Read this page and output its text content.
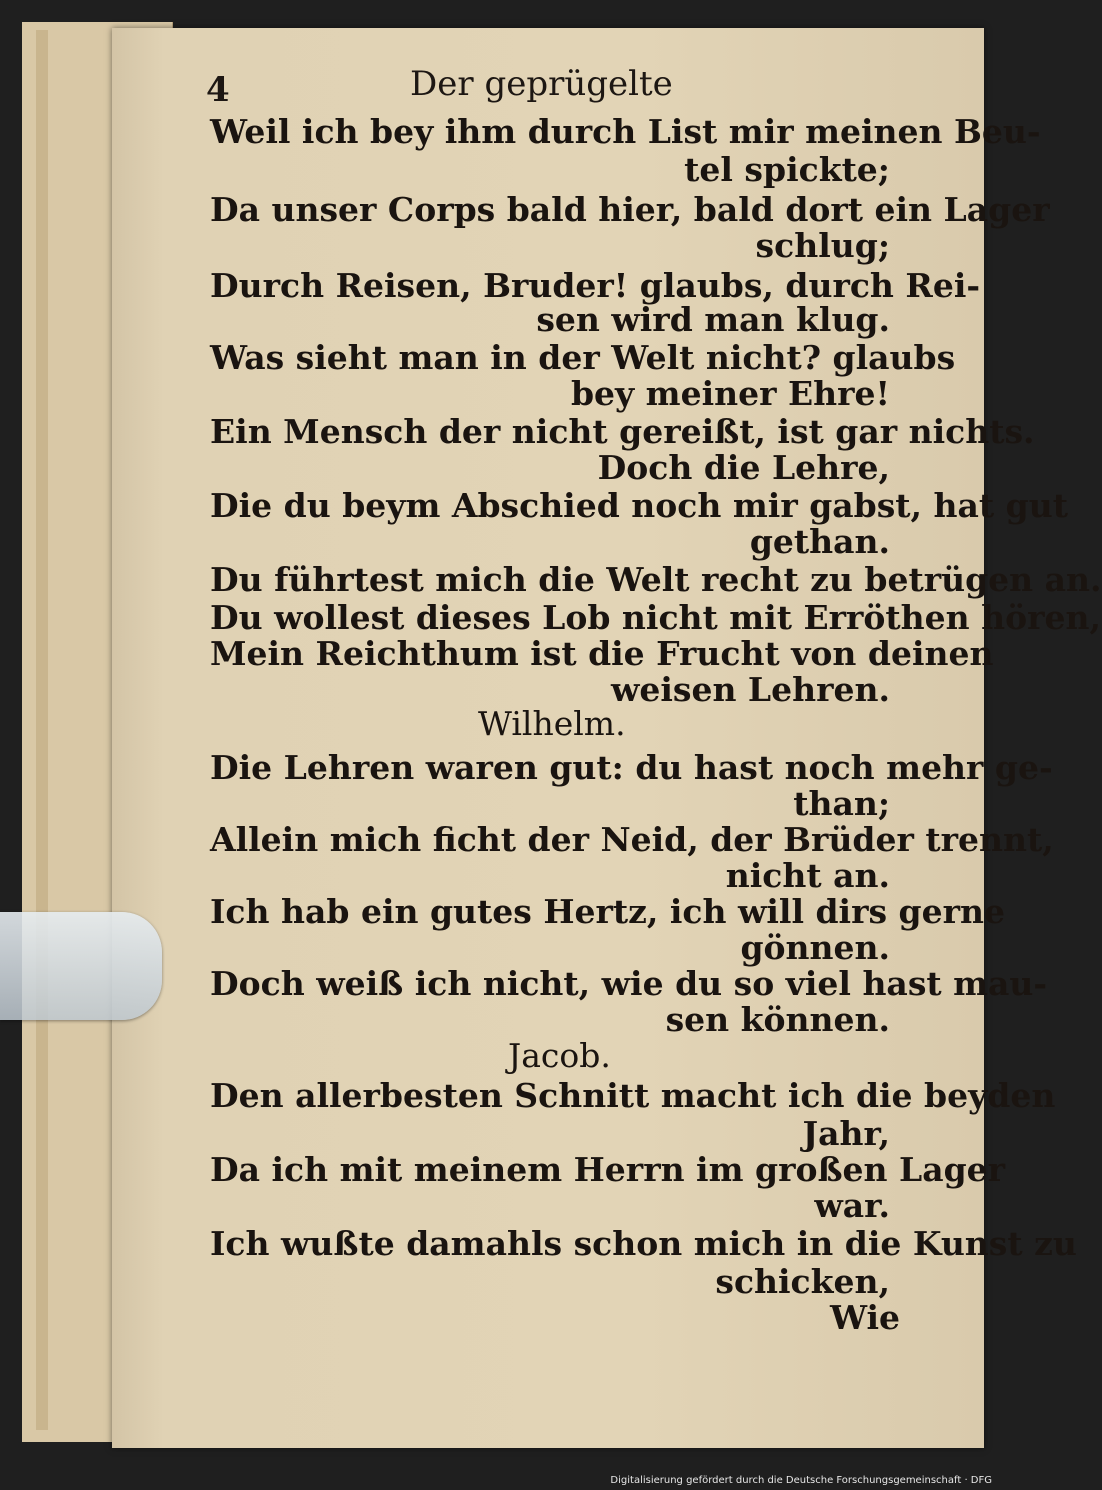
4	Der geprügelte
Weil ich bey ihm durch List mir meinen Beu-
tel spickte;
Da unser Corps bald hier, bald dort ein Lager
schlug;
Durch Reisen, Bruder! glaubs, durch Rei-
sen wird man klug.
Was sieht man in der Welt nicht? glaubs
bey meiner Ehre!
Ein Mensch der nicht gereißt, ist gar nichts.
Doch die Lehre,
Die du beym Abschied noch mir gabst, hat gut
gethan.
Du führtest mich die Welt recht zu betrügen an.
Du wollest dieses Lob nicht mit Erröthen hören,
Mein Reichthum ist die Frucht von deinen
weisen Lehren.
Wilhelm.
Die Lehren waren gut: du hast noch mehr ge-
than;
Allein mich ficht der Neid, der Brüder trennt,
nicht an.
Ich hab ein gutes Hertz, ich will dirs gerne
gönnen.
Doch weiß ich nicht, wie du so viel hast mau-
sen können.
Jacob.
Den allerbesten Schnitt macht ich die beyden
Jahr,
Da ich mit meinem Herrn im großen Lager
war.
Ich wußte damahls schon mich in die Kunst zu
schicken,
Wie
Digitalisierung gefördert durch die Deutsche Forschungsgemeinschaft · DFG
